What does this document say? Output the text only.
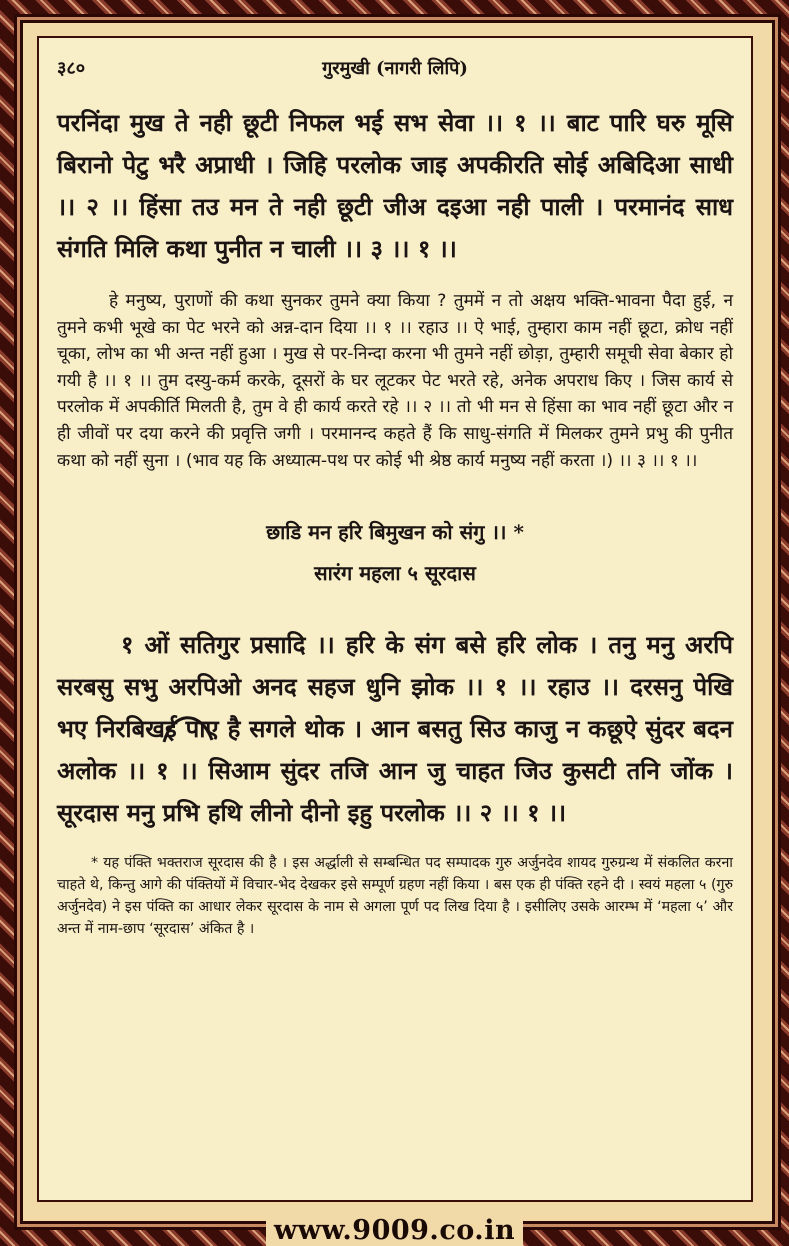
३८०	गुरमुखी (नागरी लिपि)

परनिंदा मुख ते नही छूटी निफल भई सभ सेवा ।। १ ।। बाट पारि घरु मूसि बिरानो पेटु भरै अप्राधी । जिहि परलोक जाइ अपकीरति सोई अबिदिआ साधी ।। २ ।। हिंसा तउ मन ते नही छूटी जीअ दइआ नही पाली । परमानंद साध संगति मिलि कथा पुनीत न चाली ।। ३ ।। १ ।।

हे मनुष्य, पुराणों की कथा सुनकर तुमने क्या किया ? तुममें न तो अक्षय भक्ति-भावना पैदा हुई, न तुमने कभी भूखे का पेट भरने को अन्न-दान दिया ।। १ ।। रहाउ ।। ऐ भाई, तुम्हारा काम नहीं छूटा, क्रोध नहीं चूका, लोभ का भी अन्त नहीं हुआ । मुख से पर-निन्दा करना भी तुमने नहीं छोड़ा, तुम्हारी समूची सेवा बेकार हो गयी है ।। १ ।। तुम दस्यु-कर्म करके, दूसरों के घर लूटकर पेट भरते रहे, अनेक अपराध किए । जिस कार्य से परलोक में अपकीर्ति मिलती है, तुम वे ही कार्य करते रहे ।। २ ।। तो भी मन से हिंसा का भाव नहीं छूटा और न ही जीवों पर दया करने की प्रवृत्ति जगी । परमानन्द कहते हैं कि साधु-संगति में मिलकर तुमने प्रभु की पुनीत कथा को नहीं सुना । (भाव यह कि अध्यात्म-पथ पर कोई भी श्रेष्ठ कार्य मनुष्य नहीं करता ।) ।। ३ ।। १ ।।

छाडि मन हरि बिमुखन को संगु ।। *

सारंग महला ५ सूरदास

१ ओं सतिगुर प्रसादि ।। हरि के संग बसे हरि लोक । तनु मनु अरपि सरबसु सभु अरपिओ अनद सहज धुनि झोक ।। १ ।। रहाउ ।। दरसनु पेखि भए निरबिखई पाए है सगले थोक । आन बसतु सिउ काजु न कछूऐ सुंदर बदन अलोक ।। १ ।। सिआम सुंदर तजि आन जु चाहत जिउ कुसटी तनि जोंक । सूरदास मनु प्रभि हथि लीनो दीनो इहु परलोक ।। २ ।। १ ।।

* यह पंक्ति भक्तराज सूरदास की है । इस अर्द्धाली से सम्बन्धित पद सम्पादक गुरु अर्जुनदेव शायद गुरुग्रन्थ में संकलित करना चाहते थे, किन्तु आगे की पंक्तियों में विचार-भेद देखकर इसे सम्पूर्ण ग्रहण नहीं किया । बस एक ही पंक्ति रहने दी । स्वयं महला ५ (गुरु अर्जुनदेव) ने इस पंक्ति का आधार लेकर सूरदास के नाम से अगला पूर्ण पद लिख दिया है । इसीलिए उसके आरम्भ में ‘महला ५’ और अन्त में नाम-छाप ‘सूरदास’ अंकित है ।

www.9009.co.in
